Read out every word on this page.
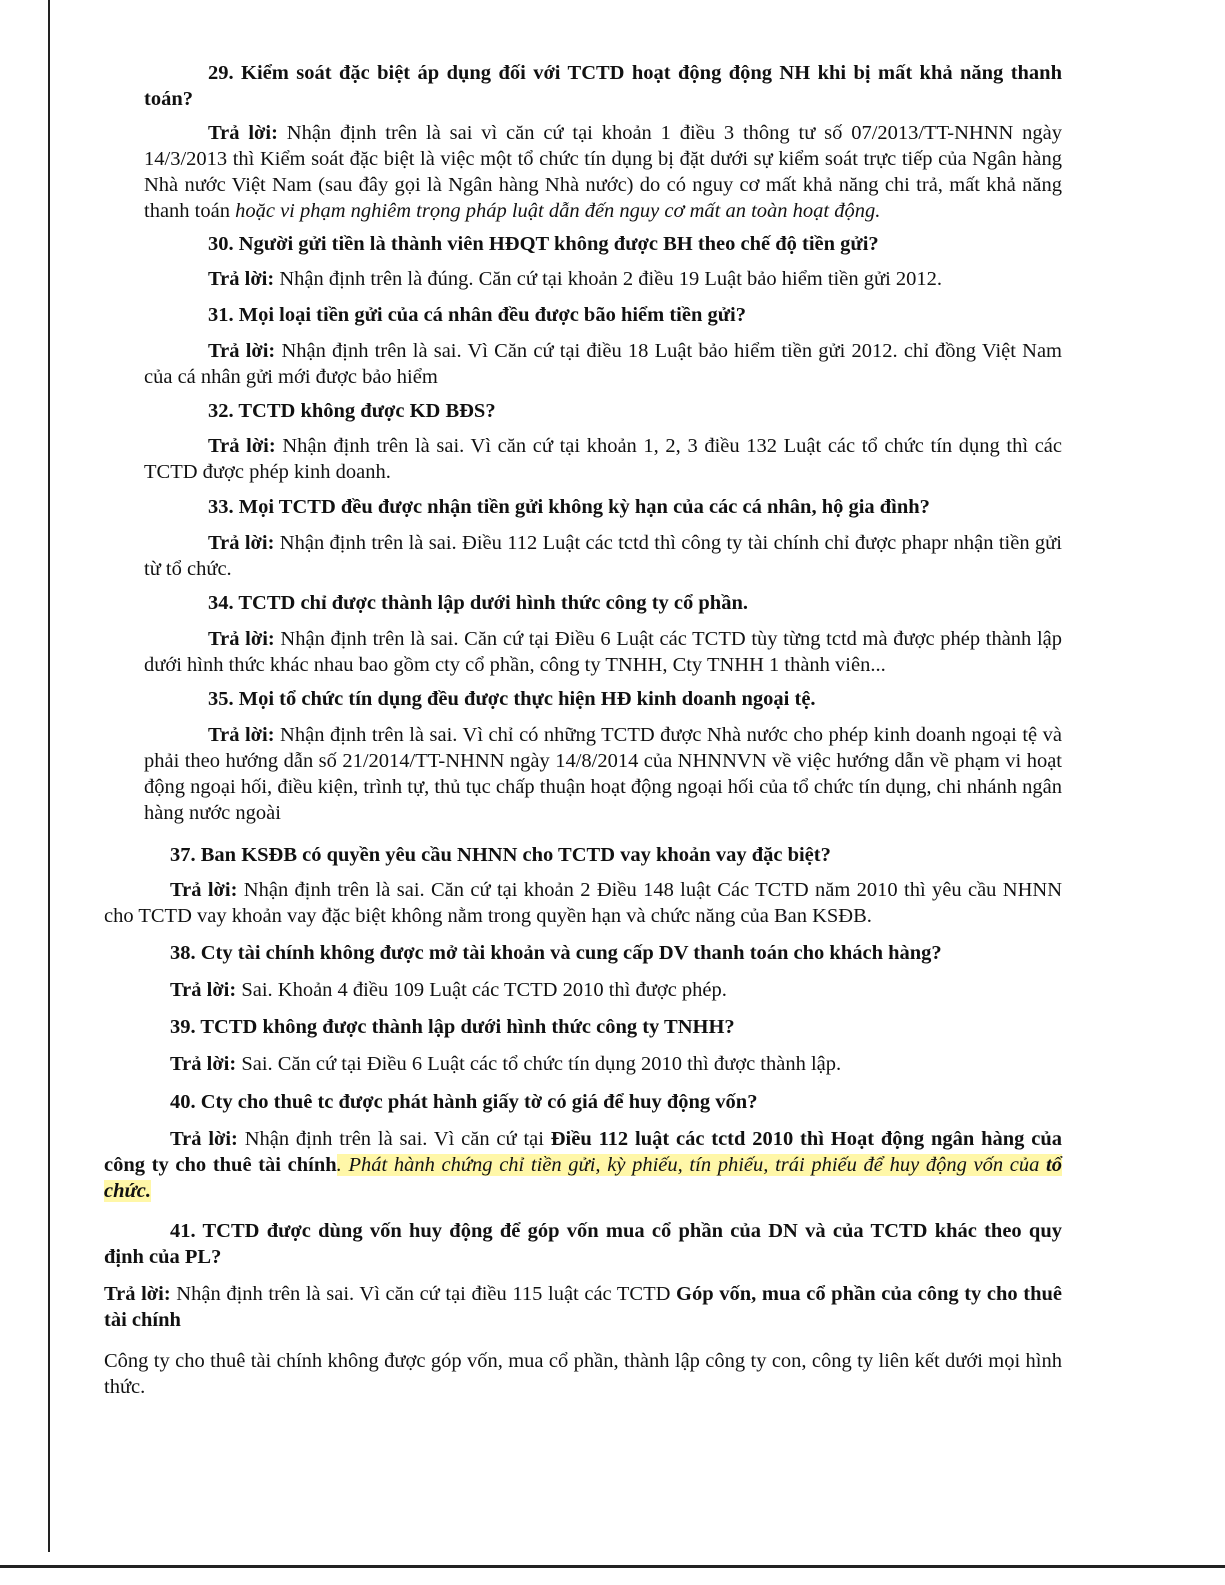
29. Kiểm soát đặc biệt áp dụng đối với TCTD hoạt động động NH khi bị mất khả năng thanh toán?

Trả lời: Nhận định trên là sai vì căn cứ tại khoản 1 điều 3 thông tư số 07/2013/TT-NHNN ngày 14/3/2013 thì Kiểm soát đặc biệt là việc một tổ chức tín dụng bị đặt dưới sự kiểm soát trực tiếp của Ngân hàng Nhà nước Việt Nam (sau đây gọi là Ngân hàng Nhà nước) do có nguy cơ mất khả năng chi trả, mất khả năng thanh toán hoặc vi phạm nghiêm trọng pháp luật dẫn đến nguy cơ mất an toàn hoạt động.

30. Người gửi tiền là thành viên HĐQT không được BH theo chế độ tiền gửi?

Trả lời: Nhận định trên là đúng. Căn cứ tại khoản 2 điều 19 Luật bảo hiểm tiền gửi 2012.

31. Mọi loại tiền gửi của cá nhân đều được bão hiểm tiền gửi?

Trả lời: Nhận định trên là sai. Vì Căn cứ tại điều 18 Luật bảo hiểm tiền gửi 2012. chỉ đồng Việt Nam của cá nhân gửi mới được bảo hiểm

32. TCTD không được KD BĐS?

Trả lời: Nhận định trên là sai. Vì căn cứ tại khoản 1, 2, 3 điều 132 Luật các tổ chức tín dụng thì các TCTD được phép kinh doanh.

33. Mọi TCTD đều được nhận tiền gửi không kỳ hạn của các cá nhân, hộ gia đình?

Trả lời: Nhận định trên là sai. Điều 112 Luật các tctd thì công ty tài chính chỉ được phapr nhận tiền gửi từ tổ chức.

34. TCTD chỉ được thành lập dưới hình thức công ty cổ phần.

Trả lời: Nhận định trên là sai. Căn cứ tại Điều 6 Luật các TCTD tùy từng tctd mà được phép thành lập dưới hình thức khác nhau bao gồm cty cổ phần, công ty TNHH, Cty TNHH 1 thành viên...

35. Mọi tổ chức tín dụng đều được thực hiện HĐ kinh doanh ngoại tệ.

Trả lời: Nhận định trên là sai. Vì chỉ có những TCTD được Nhà nước cho phép kinh doanh ngoại tệ và phải theo hướng dẫn số 21/2014/TT-NHNN ngày 14/8/2014 của NHNNVN về việc hướng dẫn về phạm vi hoạt động ngoại hối, điều kiện, trình tự, thủ tục chấp thuận hoạt động ngoại hối của tổ chức tín dụng, chi nhánh ngân hàng nước ngoài

37. Ban KSĐB có quyền yêu cầu NHNN cho TCTD vay khoản vay đặc biệt?

Trả lời: Nhận định trên là sai. Căn cứ tại khoản 2 Điều 148 luật Các TCTD năm 2010 thì yêu cầu NHNN cho TCTD vay khoản vay đặc biệt không nằm trong quyền hạn và chức năng của Ban KSĐB.

38. Cty tài chính không được mở tài khoản và cung cấp DV thanh toán cho khách hàng?

Trả lời: Sai. Khoản 4 điều 109 Luật các TCTD 2010 thì được phép.

39. TCTD không được thành lập dưới hình thức công ty TNHH?

Trả lời: Sai. Căn cứ tại Điều 6 Luật các tổ chức tín dụng 2010 thì được thành lập.

40. Cty cho thuê tc được phát hành giấy tờ có giá để huy động vốn?

Trả lời: Nhận định trên là sai. Vì căn cứ tại Điều 112 luật các tctd 2010 thì Hoạt động ngân hàng của công ty cho thuê tài chính. Phát hành chứng chỉ tiền gửi, kỳ phiếu, tín phiếu, trái phiếu để huy động vốn của tổ chức.

41. TCTD được dùng vốn huy động để góp vốn mua cổ phần của DN và của TCTD khác theo quy định của PL?

Trả lời: Nhận định trên là sai. Vì căn cứ tại điều 115 luật các TCTD Góp vốn, mua cổ phần của công ty cho thuê tài chính

Công ty cho thuê tài chính không được góp vốn, mua cổ phần, thành lập công ty con, công ty liên kết dưới mọi hình thức.
